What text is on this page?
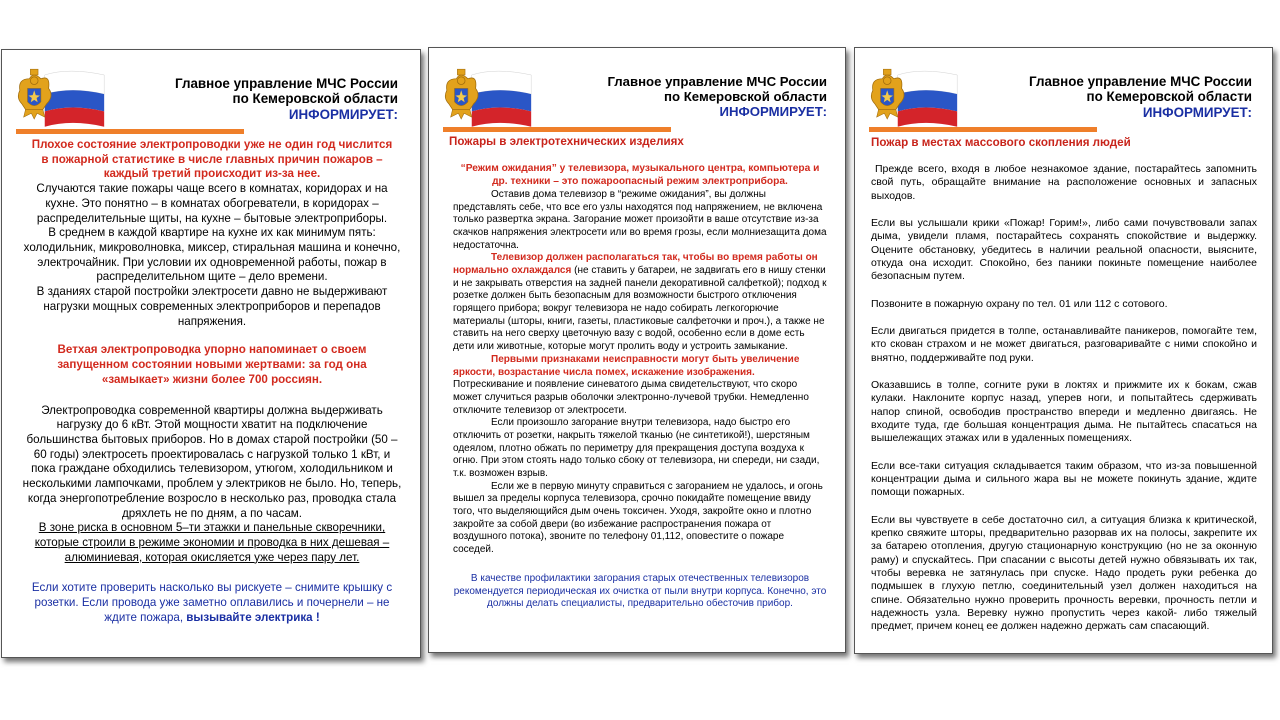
Главное управление МЧС России
по Кемеровской области
ИНФОРМИРУЕТ:

Плохое состояние электропроводки уже не один год числится в пожарной статистике в числе главных причин пожаров – каждый третий происходит из-за нее.

Случаются такие пожары чаще всего в комнатах, коридорах и на кухне. Это понятно – в комнатах обогреватели, в коридорах – распределительные щиты, на кухне – бытовые электроприборы.

В среднем в каждой квартире на кухне их как минимум пять: холодильник, микроволновка, миксер, стиральная машина и конечно, электрочайник. При условии их одновременной работы, пожар в распределительном щите – дело времени.

В зданиях старой постройки электросети давно не выдерживают нагрузки мощных современных электроприборов и перепадов напряжения.

Ветхая электропроводка упорно напоминает о своем запущенном состоянии новыми жертвами: за год она «замыкает» жизни более 700 россиян.

Электропроводка современной квартиры должна выдерживать нагрузку до 6 кВт. Этой мощности хватит на подключение большинства бытовых приборов. Но в домах старой постройки (50 – 60 годы) электросеть проектировалась с нагрузкой только 1 кВт, и пока граждане обходились телевизором, утюгом, холодильником и несколькими лампочками, проблем у электриков не было. Но, теперь, когда энергопотребление возросло в несколько раз, проводка стала дряхлеть не по дням, а по часам.

В зоне риска в основном 5–ти этажки и панельные скворечники, которые строили в режиме экономии и проводка в них дешевая – алюминиевая, которая окисляется уже через пару лет.

Если хотите проверить насколько вы рискуете – снимите крышку с розетки. Если провода уже заметно оплавились и почернели – не ждите пожара, вызывайте электрика !

Главное управление МЧС России
по Кемеровской области
ИНФОРМИРУЕТ:
Пожары в электротехнических изделиях

“Режим ожидания” у телевизора, музыкального центра, компьютера и др. техники – это пожароопасный режим электроприбора.

Оставив дома телевизор в “режиме ожидания”, вы должны представлять себе, что все его узлы находятся под напряжением, не включена только развертка экрана. Загорание может произойти в ваше отсутствие из-за скачков напряжения электросети или во время грозы, если молниезащита дома недостаточна.

Телевизор должен располагаться так, чтобы во время работы он нормально охлаждался (не ставить у батареи, не задвигать его в нишу стенки и не закрывать отверстия на задней панели декоративной салфеткой); подход к розетке должен быть безопасным для возможности быстрого отключения горящего прибора; вокруг телевизора не надо собирать легкогорючие материалы (шторы, книги, газеты, пластиковые салфеточки и проч.), а также не ставить на него сверху цветочную вазу с водой, особенно если в доме есть дети или животные, которые могут пролить воду и устроить замыкание.

Первыми признаками неисправности могут быть увеличение яркости, возрастание числа помех, искажение изображения. Потрескивание и появление синеватого дыма свидетельствуют, что скоро может случиться разрыв оболочки электронно-лучевой трубки. Немедленно отключите телевизор от электросети.

Если произошло загорание внутри телевизора, надо быстро его отключить от розетки, накрыть тяжелой тканью (не синтетикой!), шерстяным одеялом, плотно обжать по периметру для прекращения доступа воздуха к огню. При этом стоять надо только сбоку от телевизора, ни спереди, ни сзади, т.к. возможен взрыв.

Если же в первую минуту справиться с загоранием не удалось, и огонь вышел за пределы корпуса телевизора, срочно покидайте помещение ввиду того, что выделяющийся дым очень токсичен. Уходя, закройте окно и плотно закройте за собой двери (во избежание распространения пожара от воздушного потока), звоните по телефону 01,112, оповестите о пожаре соседей.

В качестве профилактики загорания старых отечественных телевизоров рекомендуется периодическая их очистка от пыли внутри корпуса. Конечно, это должны делать специалисты, предварительно обесточив прибор.

Главное управление МЧС России
по Кемеровской области
ИНФОРМИРУЕТ:
Пожар в местах массового скопления людей

Прежде всего, входя в любое незнакомое здание, постарайтесь запомнить свой путь, обращайте внимание на расположение основных и запасных выходов.

Если вы услышали крики «Пожар! Горим!», либо сами почувствовали запах дыма, увидели пламя, постарайтесь сохранять спокойствие и выдержку. Оцените обстановку, убедитесь в наличии реальной опасности, выясните, откуда она исходит. Спокойно, без паники покиньте помещение наиболее безопасным путем.

Позвоните в пожарную охрану по тел. 01 или 112 с сотового.

Если двигаться придется в толпе, останавливайте паникеров, помогайте тем, кто скован страхом и не может двигаться, разговаривайте с ними спокойно и внятно, поддерживайте под руки.

Оказавшись в толпе, согните руки в локтях и прижмите их к бокам, сжав кулаки. Наклоните корпус назад, уперев ноги, и попытайтесь сдерживать напор спиной, освободив пространство впереди и медленно двигаясь. Не входите туда, где большая концентрация дыма. Не пытайтесь спасаться на вышележащих этажах или в удаленных помещениях.

Если все-таки ситуация складывается таким образом, что из-за повышенной концентрации дыма и сильного жара вы не можете покинуть здание, ждите помощи пожарных.

Если вы чувствуете в себе достаточно сил, а ситуация близка к критической, крепко свяжите шторы, предварительно разорвав их на полосы, закрепите их за батарею отопления, другую стационарную конструкцию (но не за оконную раму) и спускайтесь. При спасании с высоты детей нужно обвязывать их так, чтобы веревка не затянулась при спуске. Надо продеть руки ребенка до подмышек в глухую петлю, соединительный узел должен находиться на спине. Обязательно нужно проверить прочность веревки, прочность петли и надежность узла. Веревку нужно пропустить через какой- либо тяжелый предмет, причем конец ее должен надежно держать сам спасающий.
